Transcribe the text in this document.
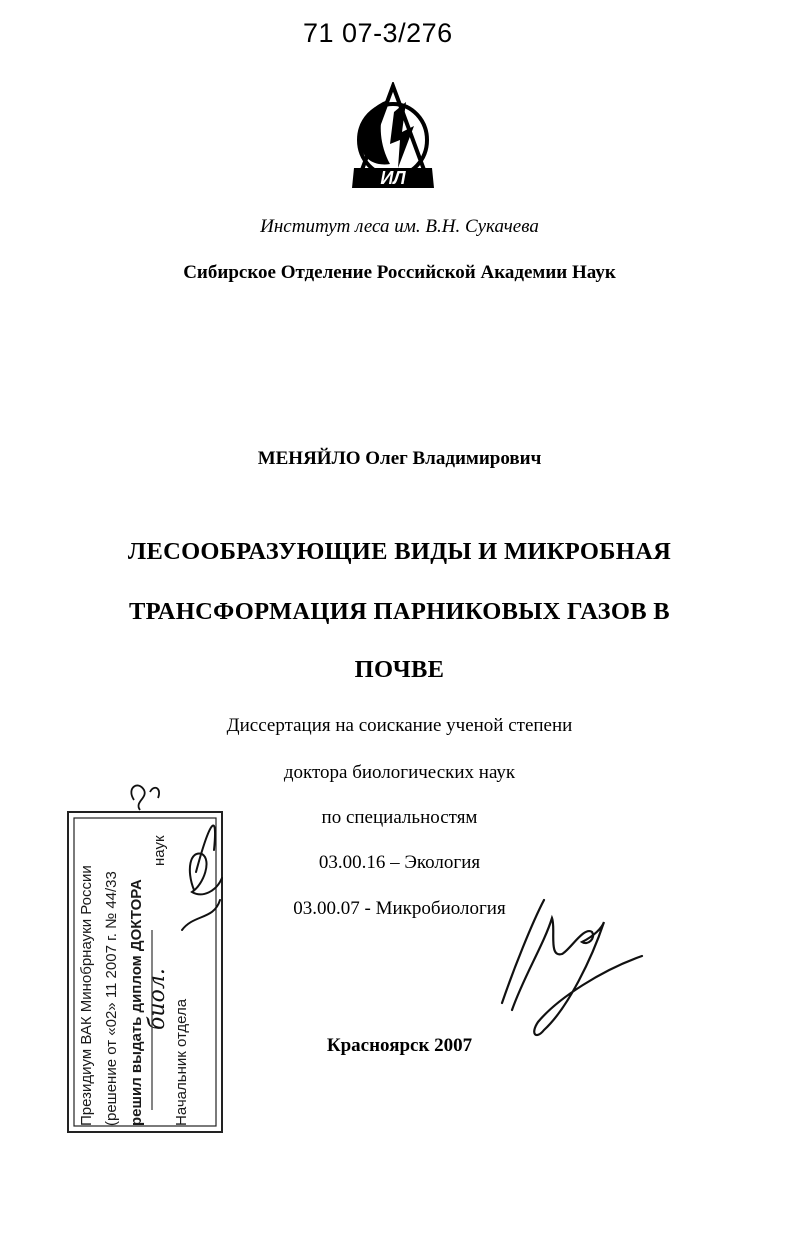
71 07-3/276
ИЛ
Институт леса им. В.Н. Сукачева
Сибирское Отделение Российской Академии Наук
МЕНЯЙЛО Олег Владимирович
ЛЕСООБРАЗУЮЩИЕ ВИДЫ И МИКРОБНАЯ
ТРАНСФОРМАЦИЯ ПАРНИКОВЫХ ГАЗОВ В
ПОЧВЕ
Диссертация на соискание ученой степени
доктора биологических наук
по специальностям
03.00.16 – Экология
03.00.07 - Микробиология
Президиум ВАК Минобрнауки России (решение от «02» 11 2007 г. № 44/33 решил выдать диплом ДОКТОРА
наук
Начальник отдела
биол.
Красноярск 2007
